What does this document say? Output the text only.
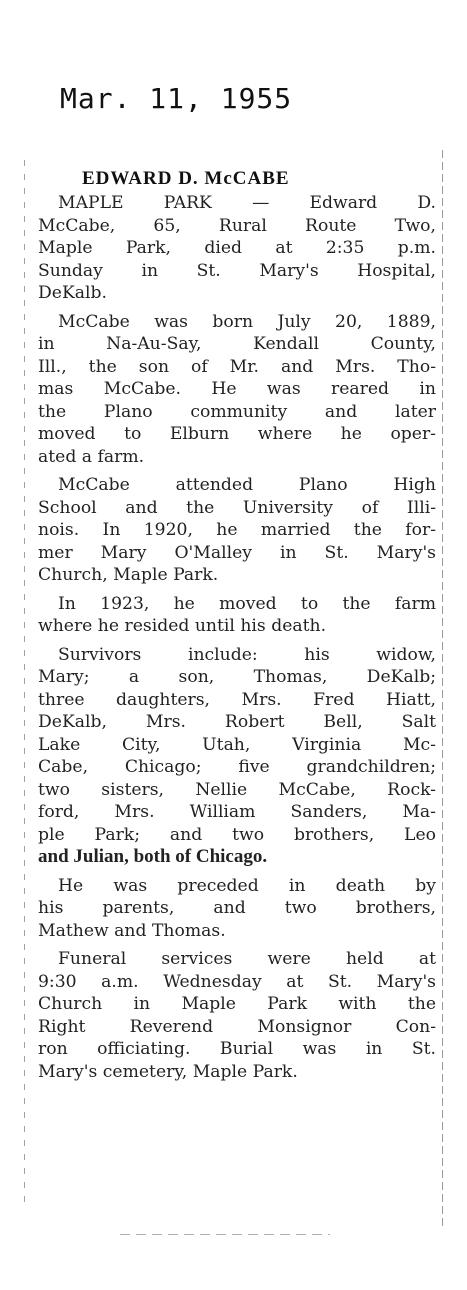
Mar. 11, 1955
EDWARD D. McCABE
MAPLE PARK — Edward D.
McCabe, 65, Rural Route Two,
Maple Park, died at 2:35 p.m.
Sunday in St. Mary's Hospital,
DeKalb.
McCabe was born July 20, 1889,
in Na-Au-Say, Kendall County,
Ill., the son of Mr. and Mrs. Tho-
mas McCabe. He was reared in
the Plano community and later
moved to Elburn where he oper-
ated a farm.
McCabe attended Plano High
School and the University of Illi-
nois. In 1920, he married the for-
mer Mary O'Malley in St. Mary's
Church, Maple Park.
In 1923, he moved to the farm
where he resided until his death.
Survivors include: his widow,
Mary; a son, Thomas, DeKalb;
three daughters, Mrs. Fred Hiatt,
DeKalb, Mrs. Robert Bell, Salt
Lake City, Utah, Virginia Mc-
Cabe, Chicago; five grandchildren;
two sisters, Nellie McCabe, Rock-
ford, Mrs. William Sanders, Ma-
ple Park; and two brothers, Leo
and Julian, both of Chicago.
He was preceded in death by
his parents, and two brothers,
Mathew and Thomas.
Funeral services were held at
9:30 a.m. Wednesday at St. Mary's
Church in Maple Park with the
Right Reverend Monsignor Con-
ron officiating. Burial was in St.
Mary's cemetery, Maple Park.
